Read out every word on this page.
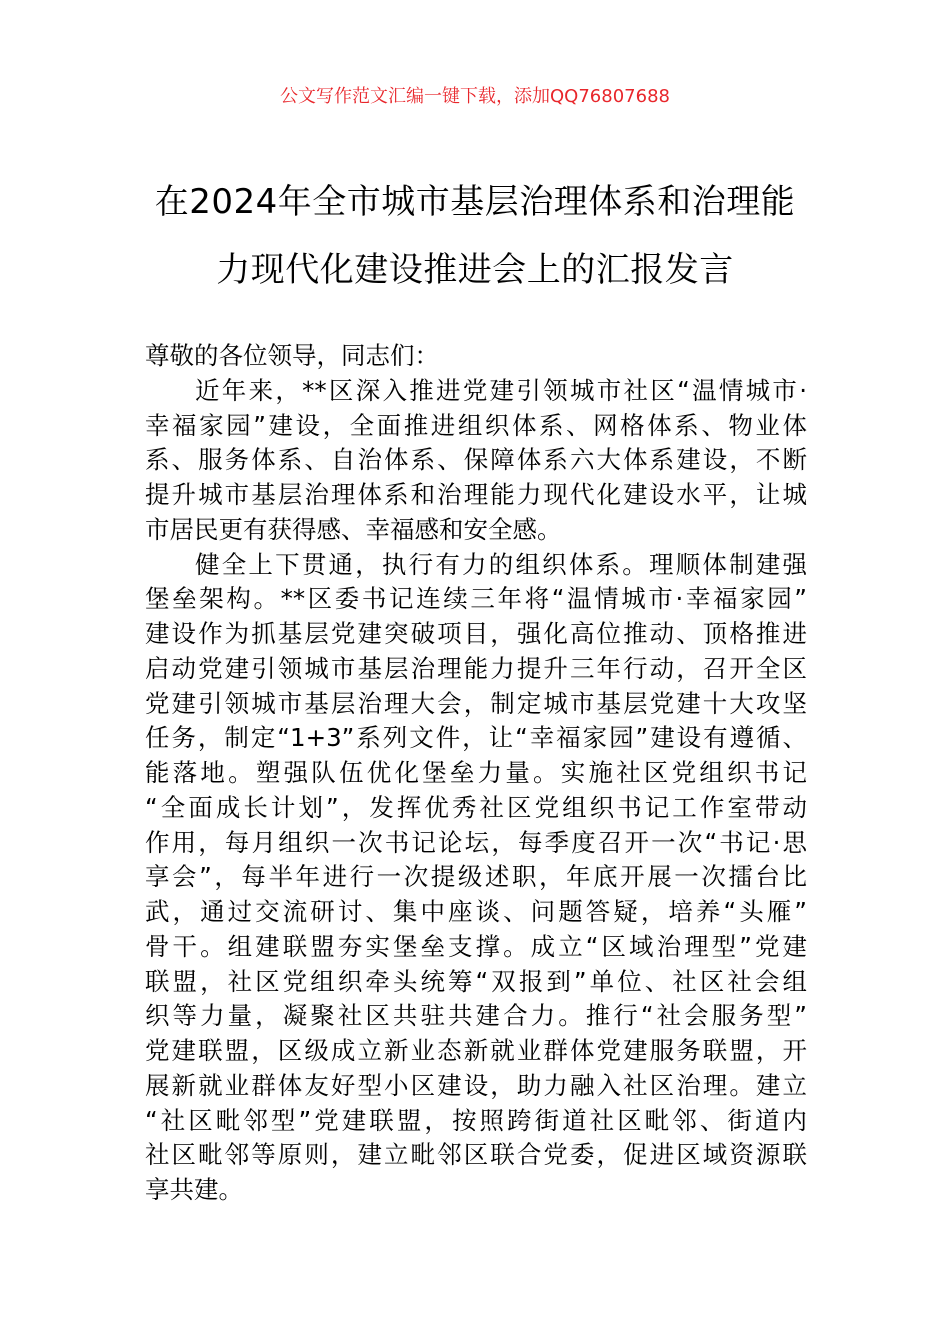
公文写作范文汇编一键下载，添加QQ76807688
在2024年全市城市基层治理体系和治理能
力现代化建设推进会上的汇报发言
尊敬的各位领导，同志们：
近年来，**区深入推进党建引领城市社区“温情城市·
幸福家园”建设，全面推进组织体系、网格体系、物业体
系、服务体系、自治体系、保障体系六大体系建设，不断
提升城市基层治理体系和治理能力现代化建设水平，让城
市居民更有获得感、幸福感和安全感。
健全上下贯通，执行有力的组织体系。理顺体制建强
堡垒架构。**区委书记连续三年将“温情城市·幸福家园”
建设作为抓基层党建突破项目，强化高位推动、顶格推进
启动党建引领城市基层治理能力提升三年行动，召开全区
党建引领城市基层治理大会，制定城市基层党建十大攻坚
任务，制定“1+3”系列文件，让“幸福家园”建设有遵循、
能落地。塑强队伍优化堡垒力量。实施社区党组织书记
“全面成长计划”，发挥优秀社区党组织书记工作室带动
作用，每月组织一次书记论坛，每季度召开一次“书记·思
享会”，每半年进行一次提级述职，年底开展一次擂台比
武，通过交流研讨、集中座谈、问题答疑，培养“头雁”
骨干。组建联盟夯实堡垒支撑。成立“区域治理型”党建
联盟，社区党组织牵头统筹“双报到”单位、社区社会组
织等力量，凝聚社区共驻共建合力。推行“社会服务型”
党建联盟，区级成立新业态新就业群体党建服务联盟，开
展新就业群体友好型小区建设，助力融入社区治理。建立
“社区毗邻型”党建联盟，按照跨街道社区毗邻、街道内
社区毗邻等原则，建立毗邻区联合党委，促进区域资源联
享共建。
